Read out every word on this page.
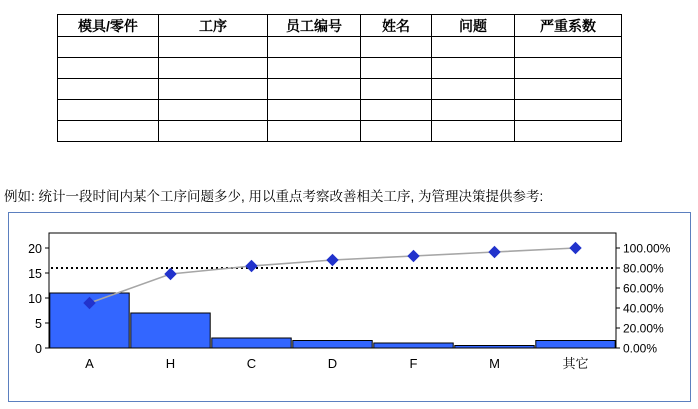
模具/零件	工序	员工编号	姓名	问题	严重系数

例如: 统计一段时间内某个工序问题多少, 用以重点考察改善相关工序, 为管理决策提供参考:
0
5
10
15
20
0.00%
20.00%
40.00%
60.00%
80.00%
100.00%
A	H	C	D	F	M	其它
